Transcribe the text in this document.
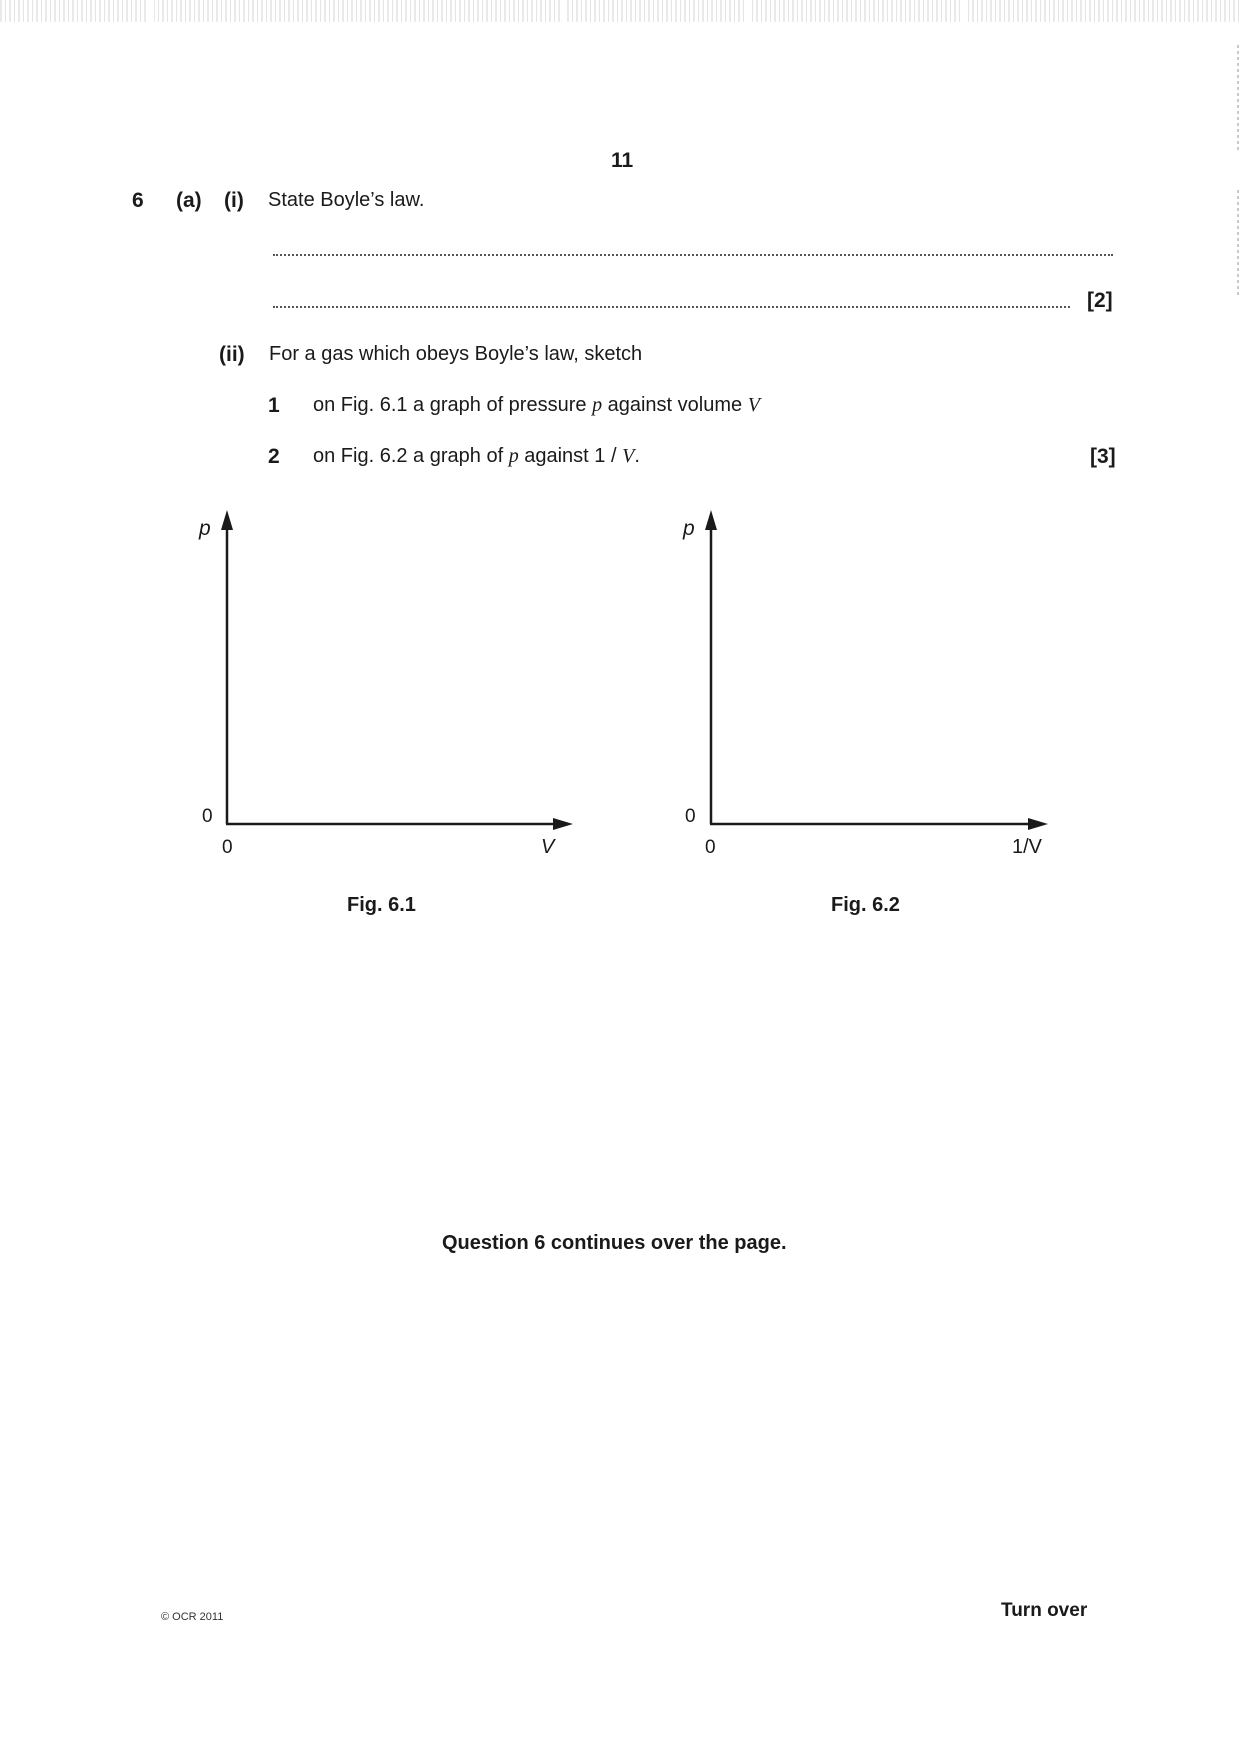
11
6 (a) (i) State Boyle’s law.
[2]
(ii) For a gas which obeys Boyle’s law, sketch
1 on Fig. 6.1 a graph of pressure p against volume V
2 on Fig. 6.2 a graph of p against 1 / V.	[3]
p
0
0	V
Fig. 6.1
p
0
0	1/V
Fig. 6.2
Question 6 continues over the page.
© OCR 2011	Turn over
